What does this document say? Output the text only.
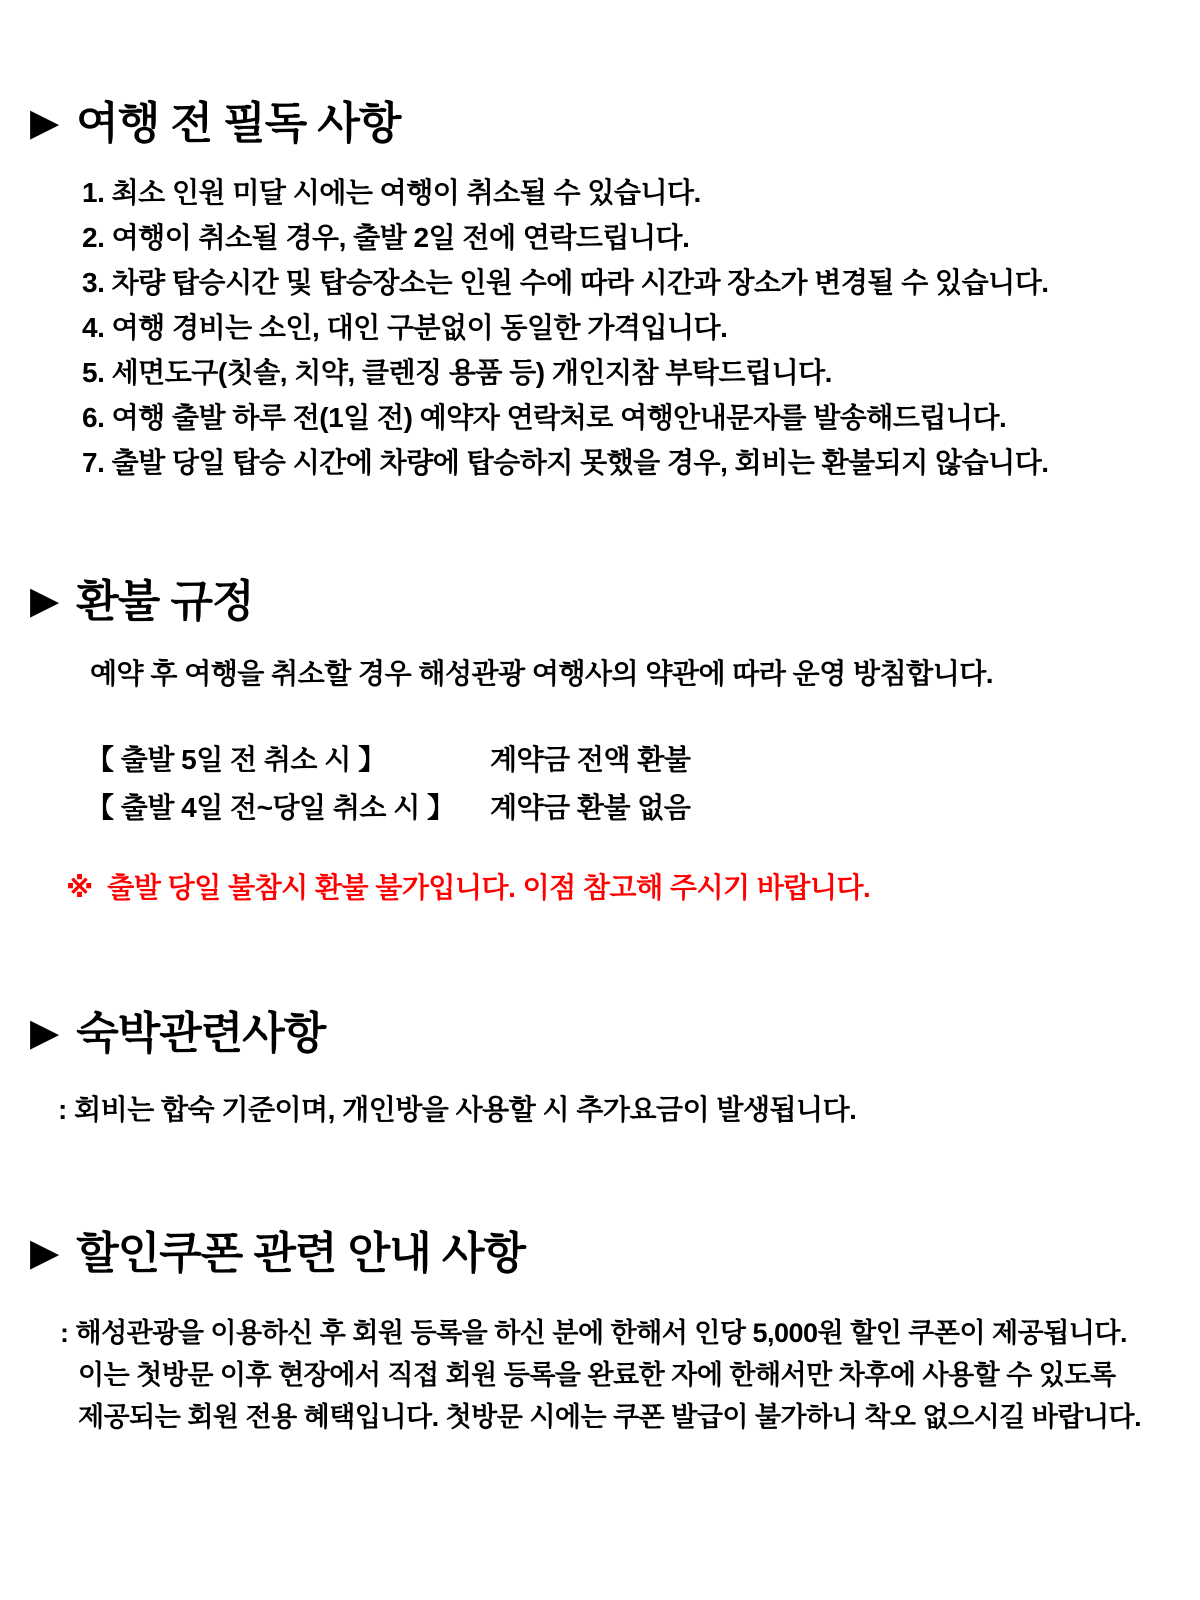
▶ 여행 전 필독 사항
1. 최소 인원 미달 시에는 여행이 취소될 수 있습니다.
2. 여행이 취소될 경우, 출발 2일 전에 연락드립니다.
3. 차량 탑승시간 및 탑승장소는 인원 수에 따라 시간과 장소가 변경될 수 있습니다.
4. 여행 경비는 소인, 대인 구분없이 동일한 가격입니다.
5. 세면도구(칫솔, 치약, 클렌징 용품 등) 개인지참 부탁드립니다.
6. 여행 출발 하루 전(1일 전) 예약자 연락처로 여행안내문자를 발송해드립니다.
7. 출발 당일 탑승 시간에 차량에 탑승하지 못했을 경우, 회비는 환불되지 않습니다.
▶ 환불 규정
예약 후 여행을 취소할 경우 해성관광 여행사의 약관에 따라 운영 방침합니다.
【 출발 5일 전 취소 시 】	계약금 전액 환불
【 출발 4일 전~당일 취소 시 】	계약금 환불 없음
※  출발 당일 불참시 환불 불가입니다. 이점 참고해 주시기 바랍니다.
▶ 숙박관련사항
: 회비는 합숙 기준이며, 개인방을 사용할 시 추가요금이 발생됩니다.
▶ 할인쿠폰 관련 안내 사항
: 해성관광을 이용하신 후 회원 등록을 하신 분에 한해서 인당 5,000원 할인 쿠폰이 제공됩니다.
이는 첫방문 이후 현장에서 직접 회원 등록을 완료한 자에 한해서만 차후에 사용할 수 있도록
제공되는 회원 전용 혜택입니다. 첫방문 시에는 쿠폰 발급이 불가하니 착오 없으시길 바랍니다.
